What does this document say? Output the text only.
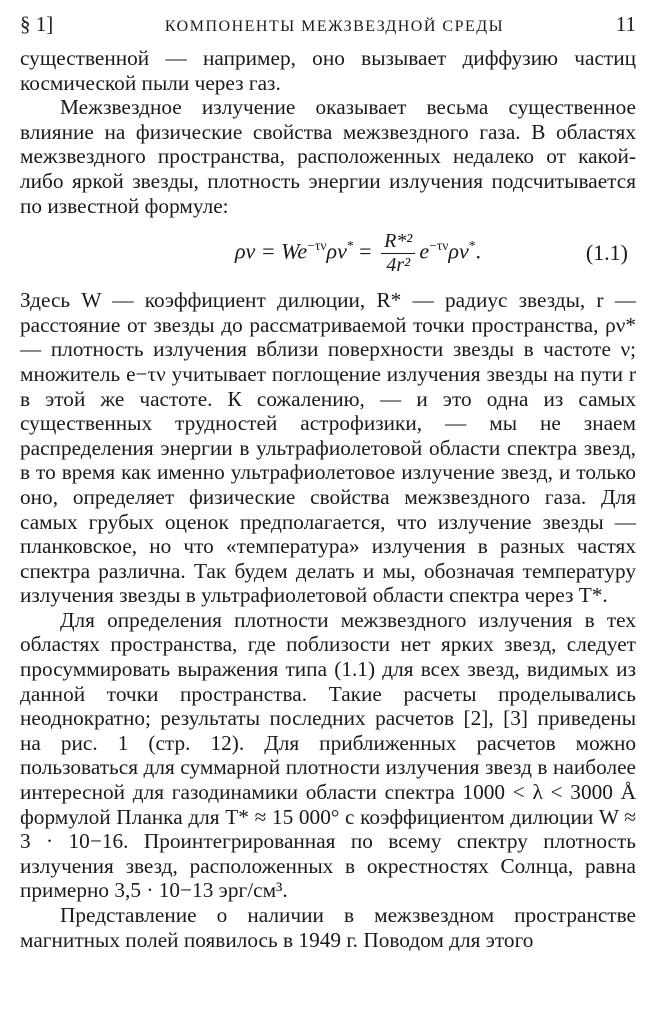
§ 1]	КОМПОНЕНТЫ МЕЖЗВЕЗДНОЙ СРЕДЫ	11

существенной — например, оно вызывает диффузию частиц космической пыли через газ.

Межзвездное излучение оказывает весьма существенное влияние на физические свойства межзвездного газа. В областях межзвездного пространства, расположенных недалеко от какой-либо яркой звезды, плотность энергии излучения подсчитывается по известной формуле:

$\rho\nu = We^{-\tau\nu}\rho\nu^* = \frac{\text{R*²}}{\text{4r²}} e^{-\tau\nu}\rho\nu^*$.	(1.1)

Здесь W — коэффициент дилюции, R* — радиус звезды, r — расстояние от звезды до рассматриваемой точки пространства, ρν* — плотность излучения вблизи поверхности звезды в частоте ν; множитель e−τν учитывает поглощение излучения звезды на пути r в этой же частоте. К сожалению, — и это одна из самых существенных трудностей астрофизики, — мы не знаем распределения энергии в ультрафиолетовой области спектра звезд, в то время как именно ультрафиолетовое излучение звезд, и только оно, определяет физические свойства межзвездного газа. Для самых грубых оценок предполагается, что излучение звезды — планковское, но что «температура» излучения в разных частях спектра различна. Так будем делать и мы, обозначая температуру излучения звезды в ультрафиолетовой области спектра через T*.

Для определения плотности межзвездного излучения в тех областях пространства, где поблизости нет ярких звезд, следует просуммировать выражения типа (1.1) для всех звезд, видимых из данной точки пространства. Такие расчеты проделывались неоднократно; результаты последних расчетов [2], [3] приведены на рис. 1 (стр. 12). Для приближенных расчетов можно пользоваться для суммарной плотности излучения звезд в наиболее интересной для газодинамики области спектра 1000 < λ < 3000 Å формулой Планка для T* ≈ 15 000° с коэффициентом дилюции W ≈ 3 · 10−16. Проинтегрированная по всему спектру плотность излучения звезд, расположенных в окрестностях Солнца, равна примерно 3,5 · 10−13 эрг/см³.

Представление о наличии в межзвездном пространстве магнитных полей появилось в 1949 г. Поводом для этого
